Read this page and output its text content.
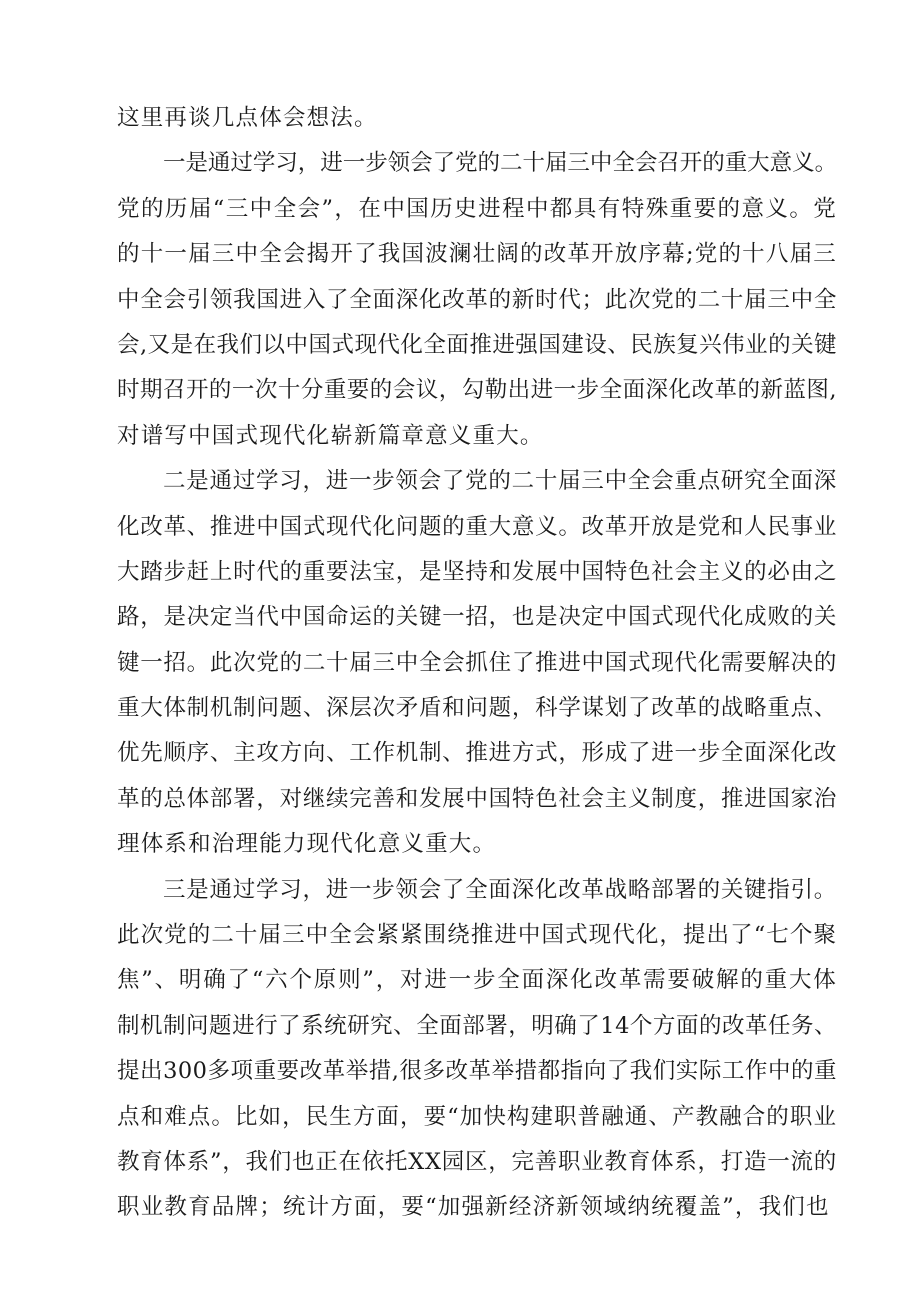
这里再谈几点体会想法。
一是通过学习，进一步领会了党的二十届三中全会召开的重大意义。
党的历届“三中全会”，在中国历史进程中都具有特殊重要的意义。党
的十一届三中全会揭开了我国波澜壮阔的改革开放序幕;党的十八届三
中全会引领我国进入了全面深化改革的新时代；此次党的二十届三中全
会,又是在我们以中国式现代化全面推进强国建设、民族复兴伟业的关键
时期召开的一次十分重要的会议，勾勒出进一步全面深化改革的新蓝图,
对谱写中国式现代化崭新篇章意义重大。
二是通过学习，进一步领会了党的二十届三中全会重点研究全面深
化改革、推进中国式现代化问题的重大意义。改革开放是党和人民事业
大踏步赶上时代的重要法宝，是坚持和发展中国特色社会主义的必由之
路，是决定当代中国命运的关键一招，也是决定中国式现代化成败的关
键一招。此次党的二十届三中全会抓住了推进中国式现代化需要解决的
重大体制机制问题、深层次矛盾和问题，科学谋划了改革的战略重点、
优先顺序、主攻方向、工作机制、推进方式，形成了进一步全面深化改
革的总体部署，对继续完善和发展中国特色社会主义制度，推进国家治
理体系和治理能力现代化意义重大。
三是通过学习，进一步领会了全面深化改革战略部署的关键指引。
此次党的二十届三中全会紧紧围绕推进中国式现代化，提出了“七个聚
焦”、明确了“六个原则”，对进一步全面深化改革需要破解的重大体
制机制问题进行了系统研究、全面部署，明确了14个方面的改革任务、
提出300多项重要改革举措,很多改革举措都指向了我们实际工作中的重
点和难点。比如，民生方面，要“加快构建职普融通、产教融合的职业
教育体系”，我们也正在依托XX园区，完善职业教育体系，打造一流的
职业教育品牌；统计方面，要“加强新经济新领域纳统覆盖”，我们也
